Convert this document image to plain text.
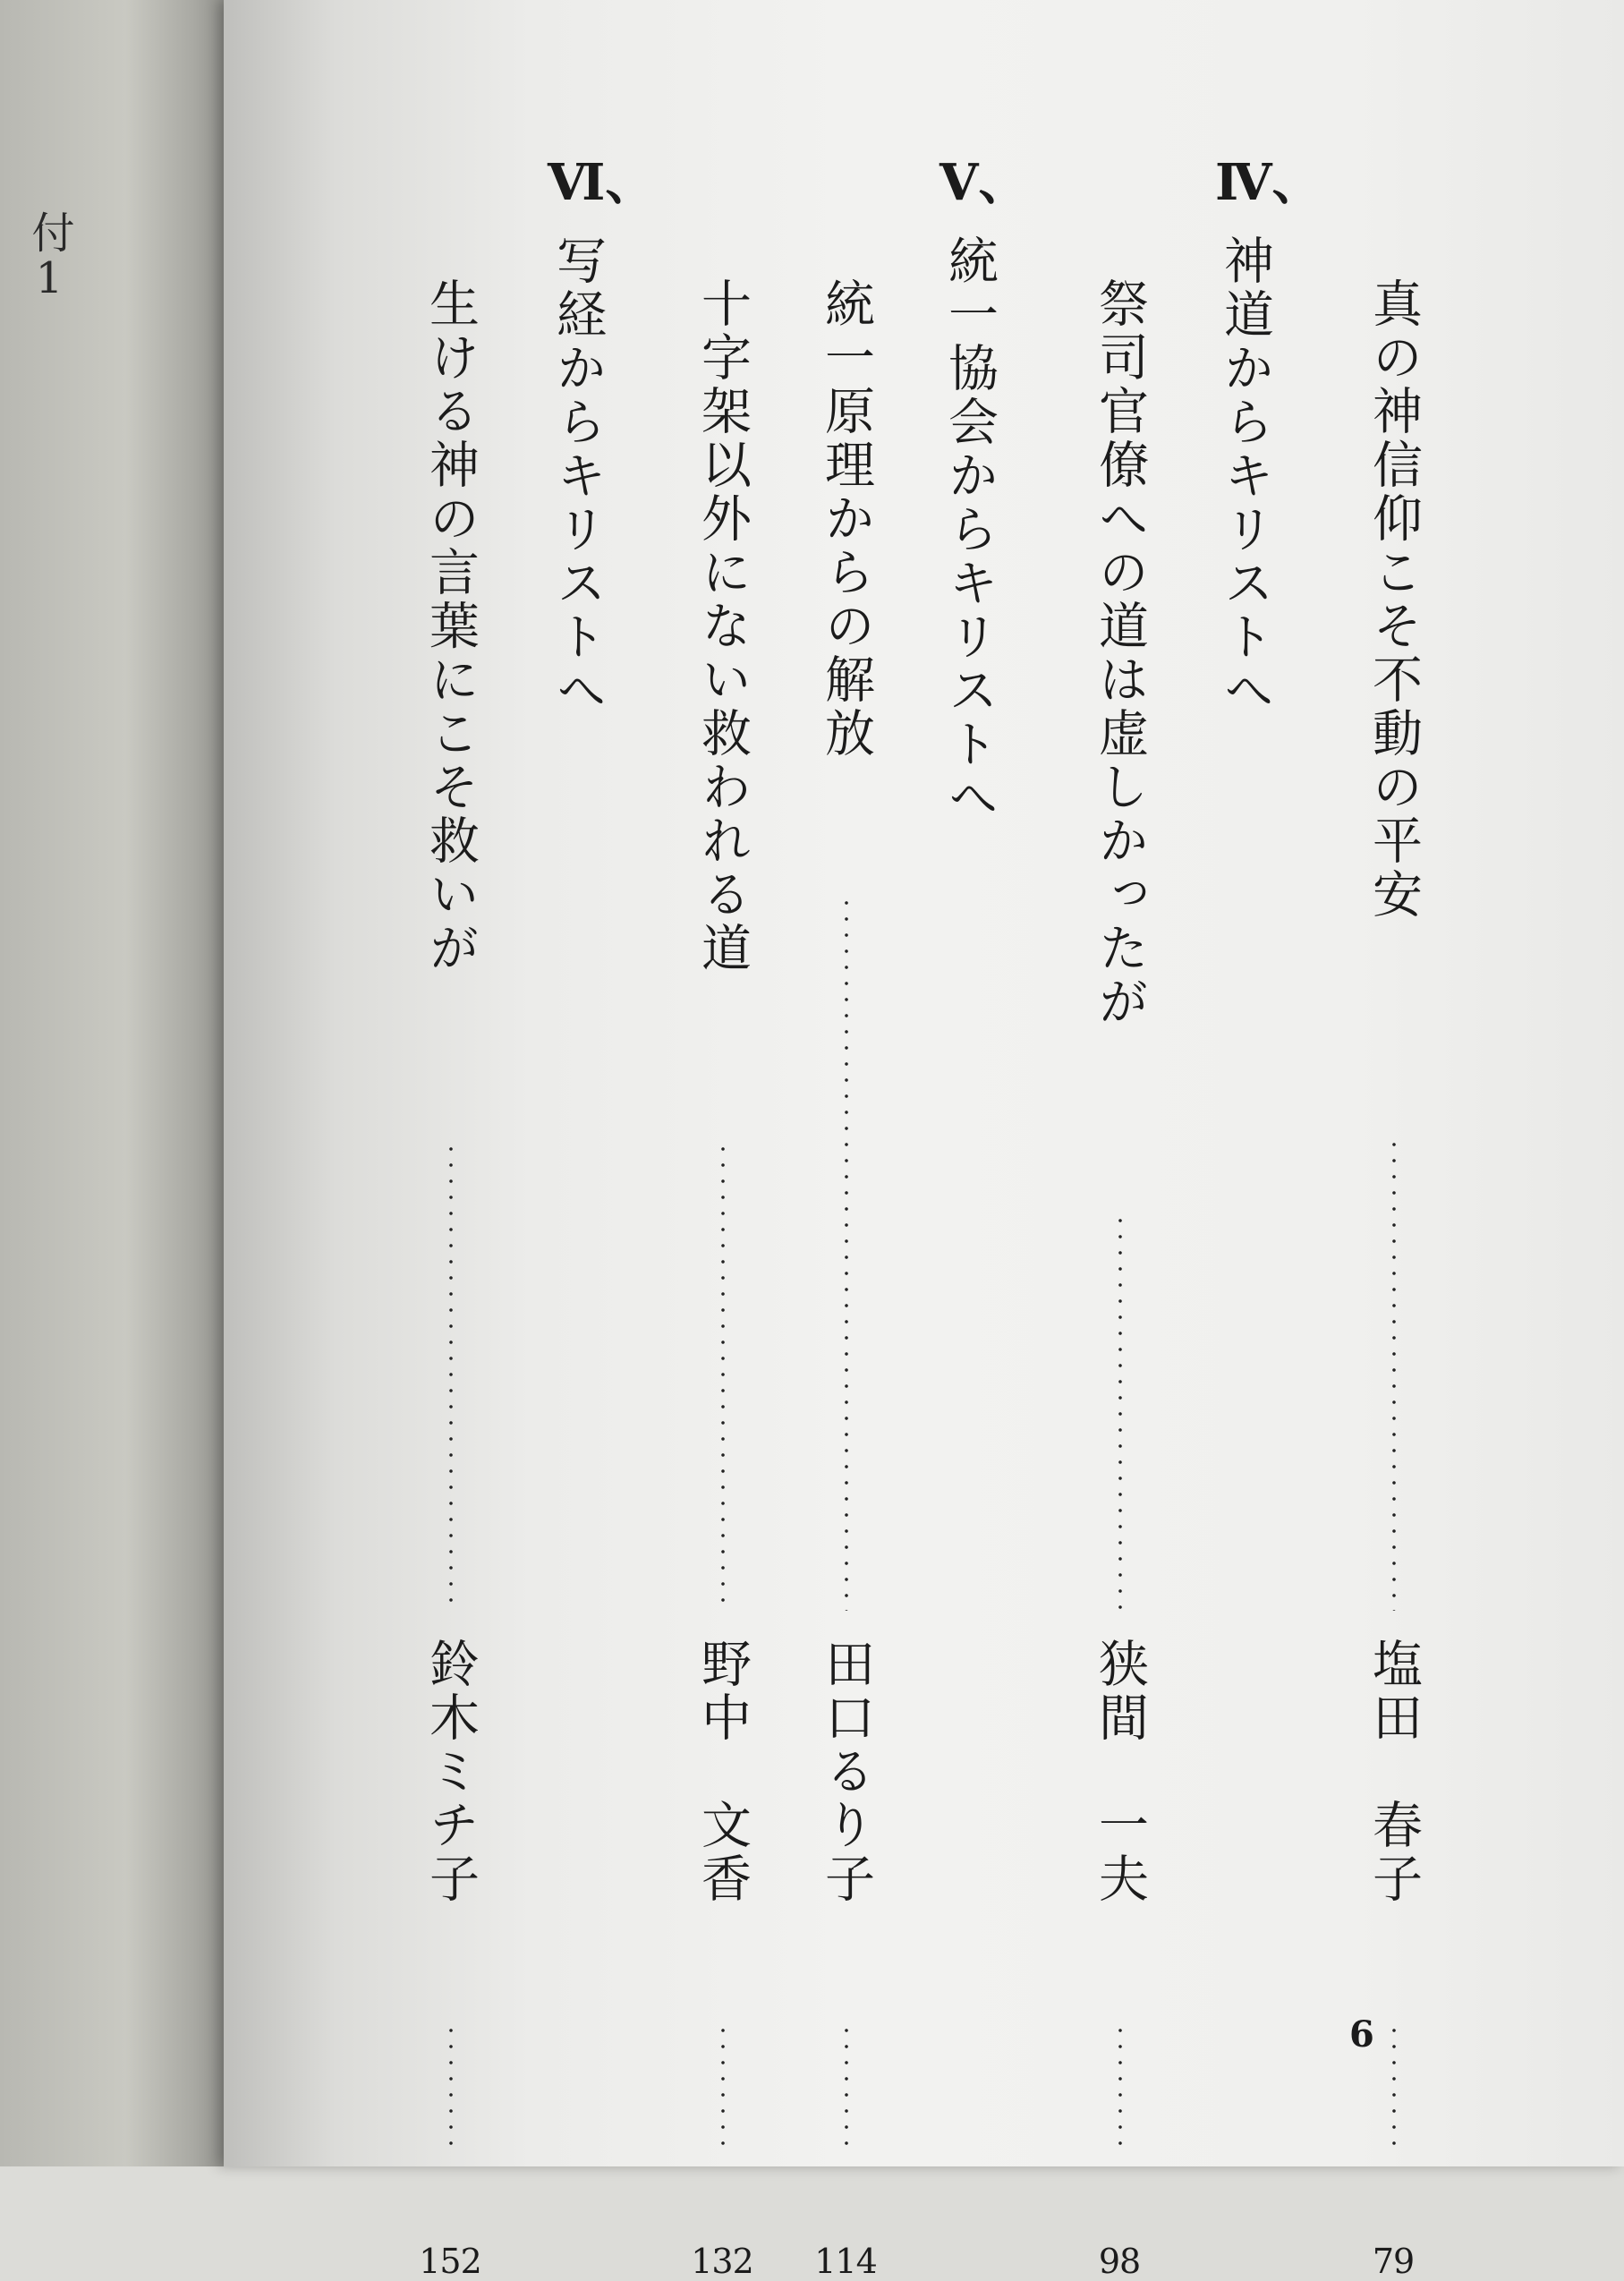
付1
Ⅳ、
神道からキリストへ
Ⅴ、
統一協会からキリストへ
Ⅵ、
写経からキリストへ	真の神信仰こそ不動の平安
塩田　春子
79
祭司官僚への道は虚しかったが
狭間　一夫
98
統一原理からの解放
田口るり子
114
十字架以外にない救われる道
野中　文香
132
生ける神の言葉にこそ救いが
鈴木ミチ子
152
6
